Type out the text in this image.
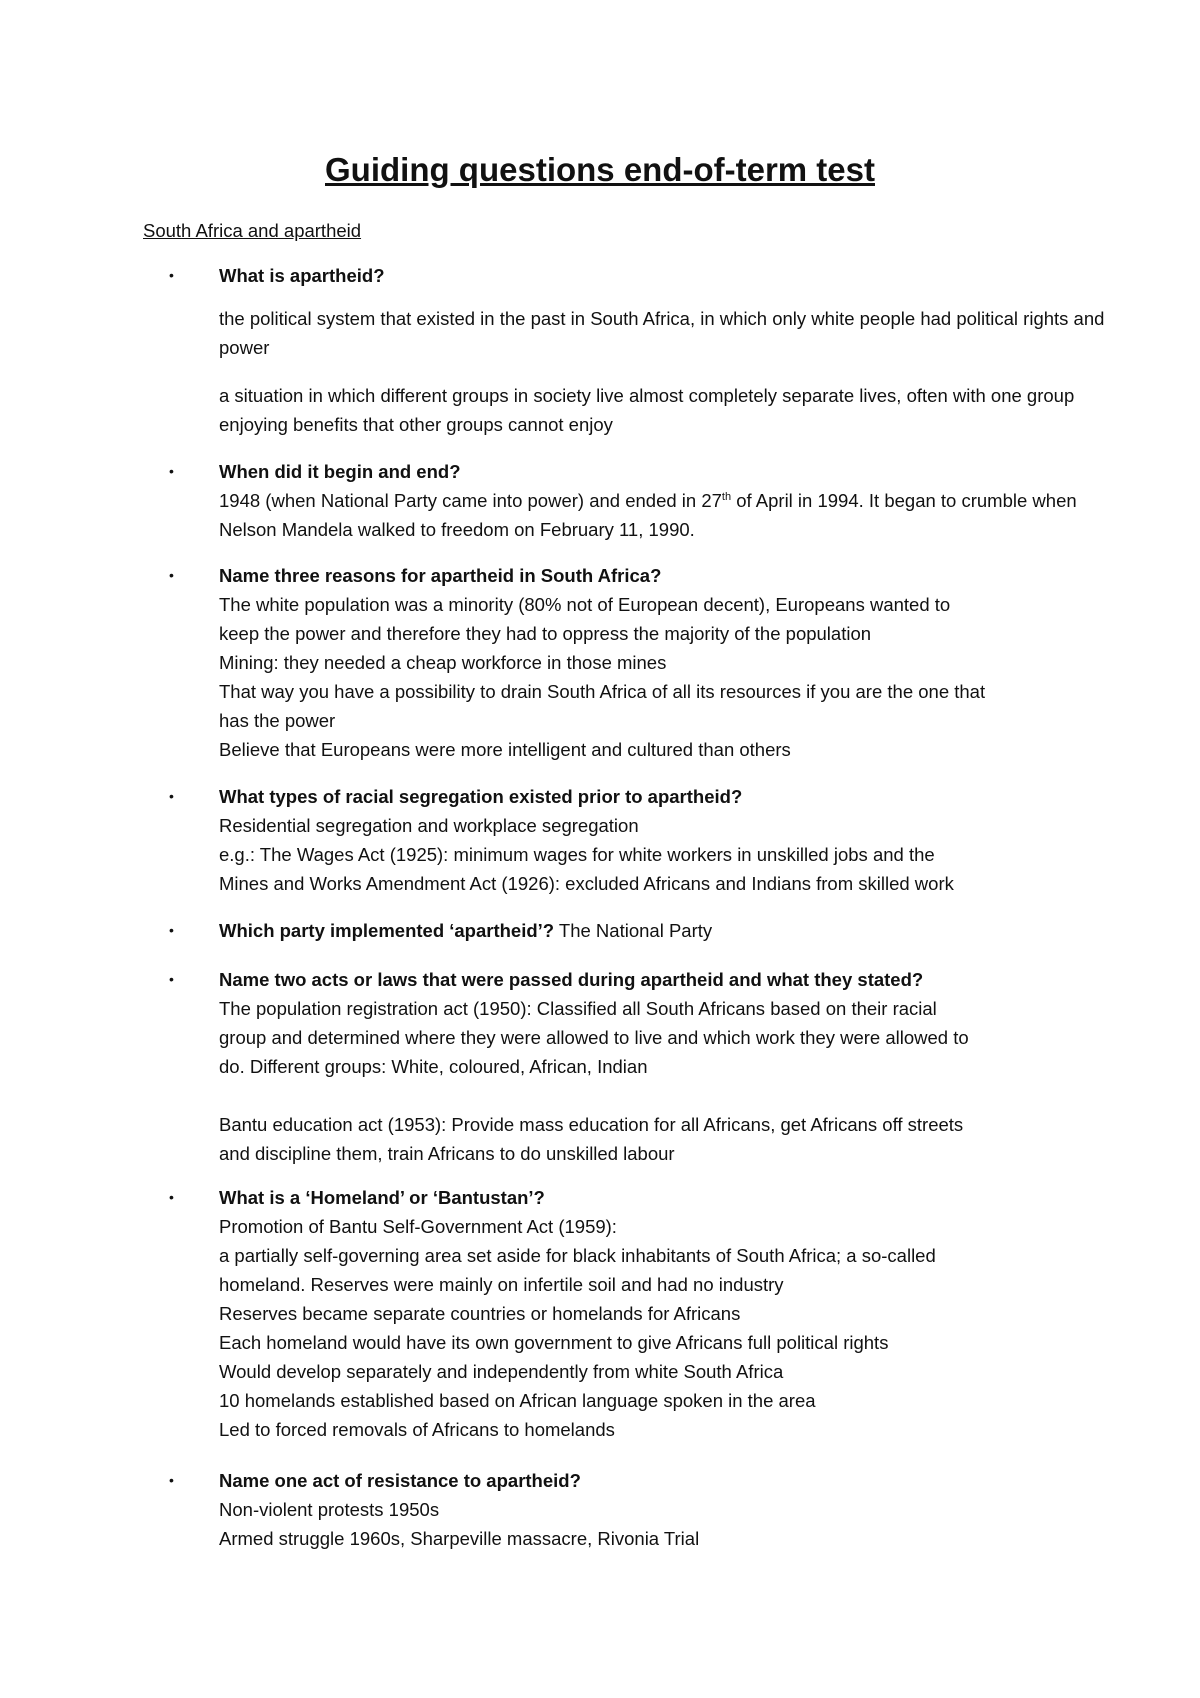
Guiding questions end-of-term test
South Africa and apartheid
• What is apartheid?

the political system that existed in the past in South Africa, in which only white people had political rights and power

a situation in which different groups in society live almost completely separate lives, often with one group enjoying benefits that other groups cannot enjoy

• When did it begin and end?
1948 (when National Party came into power) and ended in 27th of April in 1994. It began to crumble when Nelson Mandela walked to freedom on February 11, 1990.
• Name three reasons for apartheid in South Africa?
The white population was a minority (80% not of European decent), Europeans wanted to
keep the power and therefore they had to oppress the majority of the population
Mining: they needed a cheap workforce in those mines
That way you have a possibility to drain South Africa of all its resources if you are the one that
has the power
Believe that Europeans were more intelligent and cultured than others
• What types of racial segregation existed prior to apartheid?
Residential segregation and workplace segregation
e.g.: The Wages Act (1925): minimum wages for white workers in unskilled jobs and the
Mines and Works Amendment Act (1926): excluded Africans and Indians from skilled work
• Which party implemented ‘apartheid’? The National Party
• Name two acts or laws that were passed during apartheid and what they stated?
The population registration act (1950): Classified all South Africans based on their racial
group and determined where they were allowed to live and which work they were allowed to
do. Different groups: White, coloured, African, Indian

Bantu education act (1953): Provide mass education for all Africans, get Africans off streets
and discipline them, train Africans to do unskilled labour
• What is a ‘Homeland’ or ‘Bantustan’?
Promotion of Bantu Self-Government Act (1959):
a partially self-governing area set aside for black inhabitants of South Africa; a so-called
homeland. Reserves were mainly on infertile soil and had no industry
Reserves became separate countries or homelands for Africans
Each homeland would have its own government to give Africans full political rights
Would develop separately and independently from white South Africa
10 homelands established based on African language spoken in the area
Led to forced removals of Africans to homelands
• Name one act of resistance to apartheid?
Non-violent protests 1950s
Armed struggle 1960s, Sharpeville massacre, Rivonia Trial
